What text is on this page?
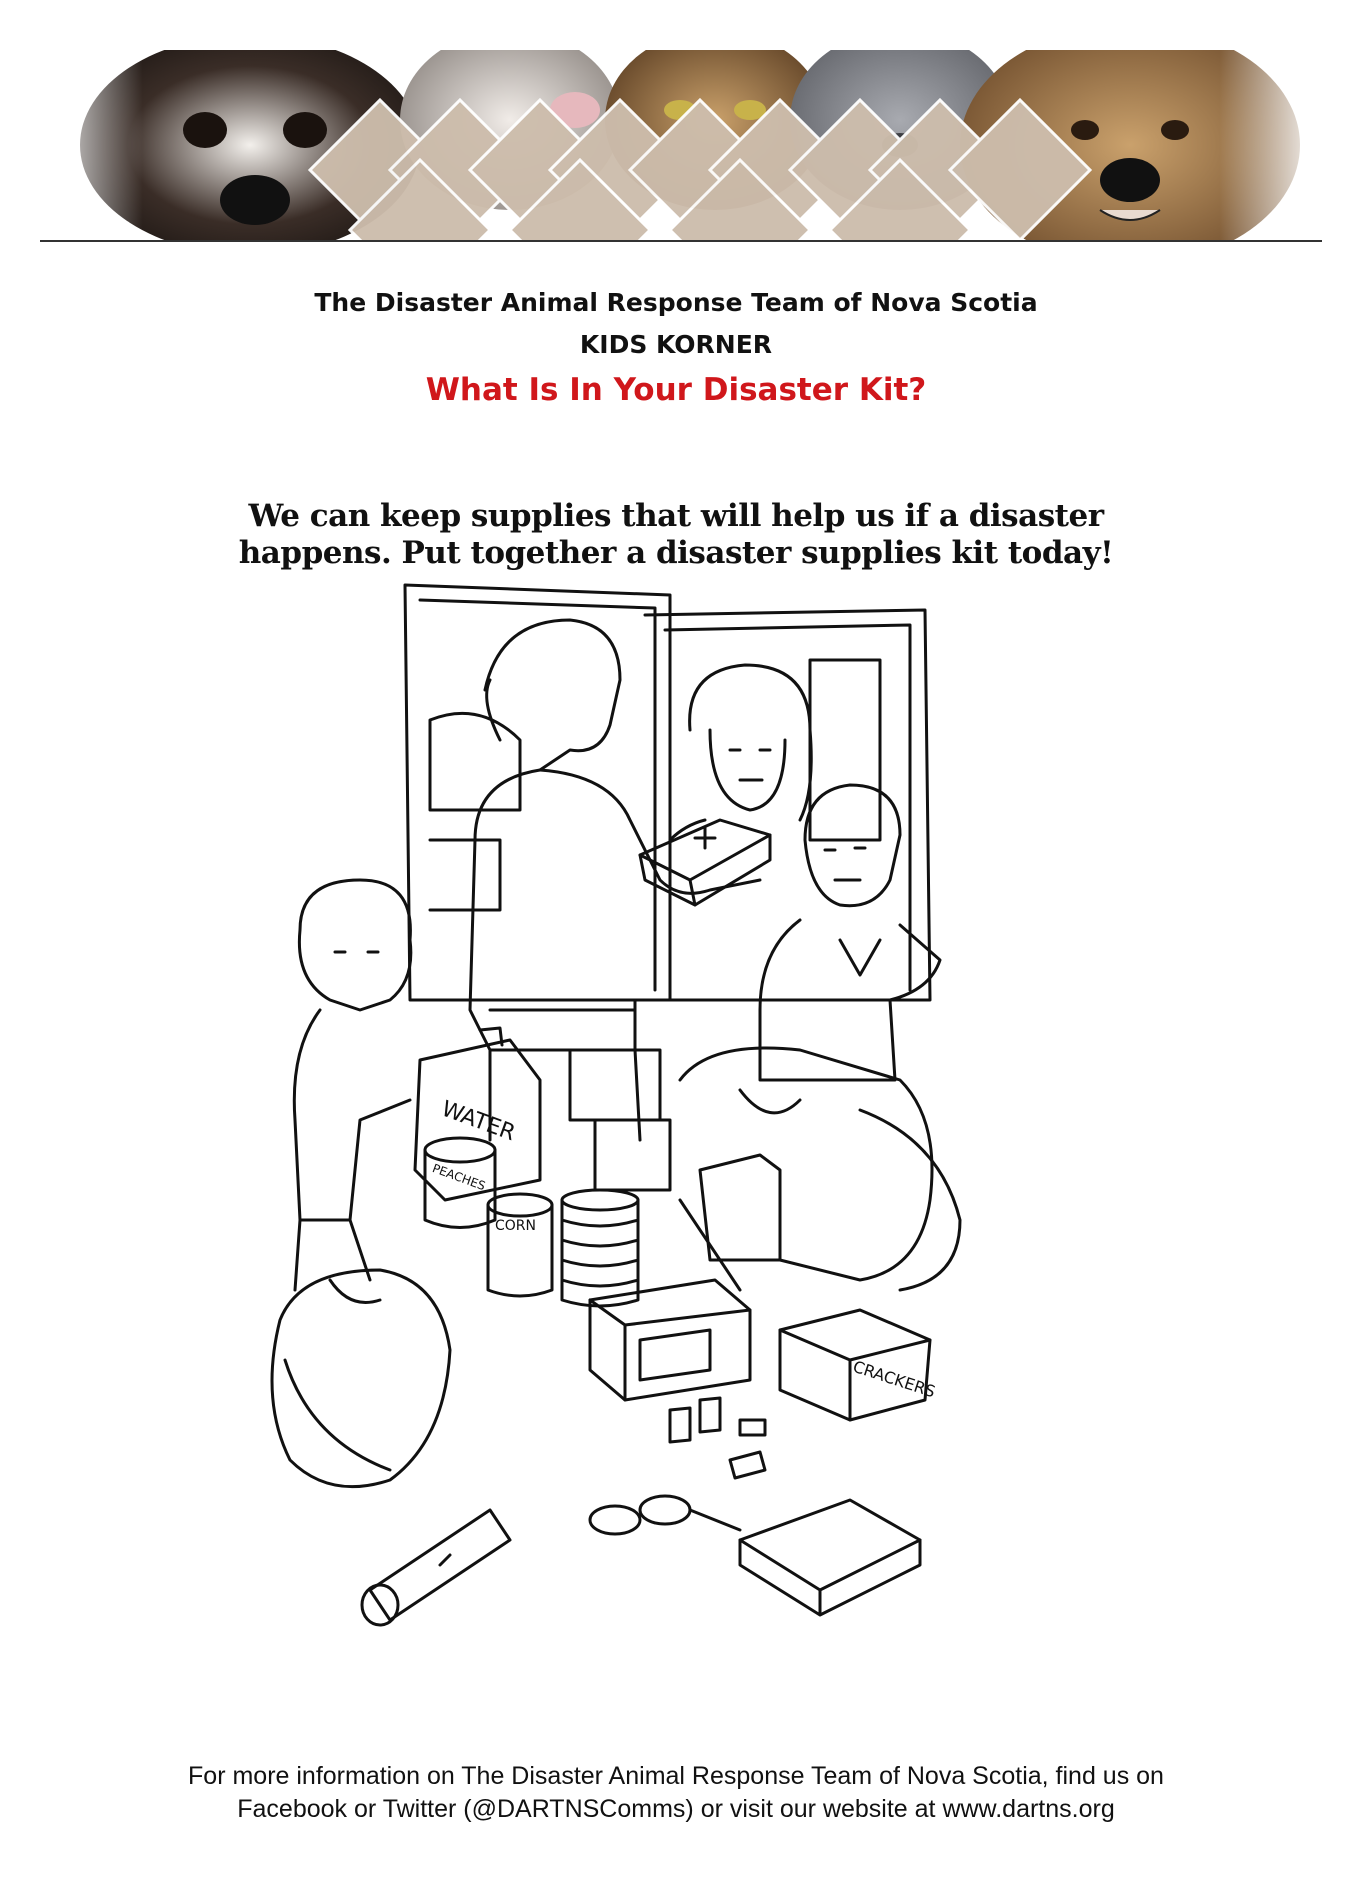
The Disaster Animal Response Team of Nova Scotia
KIDS KORNER
What Is In Your Disaster Kit?
We can keep supplies that will help us if a disaster
happens. Put together a disaster supplies kit today!
WATER
PEACHES
CORN
CRACKERS
For more information on The Disaster Animal Response Team of Nova Scotia, find us on
Facebook or Twitter (@DARTNSComms) or visit our website at www.dartns.org
